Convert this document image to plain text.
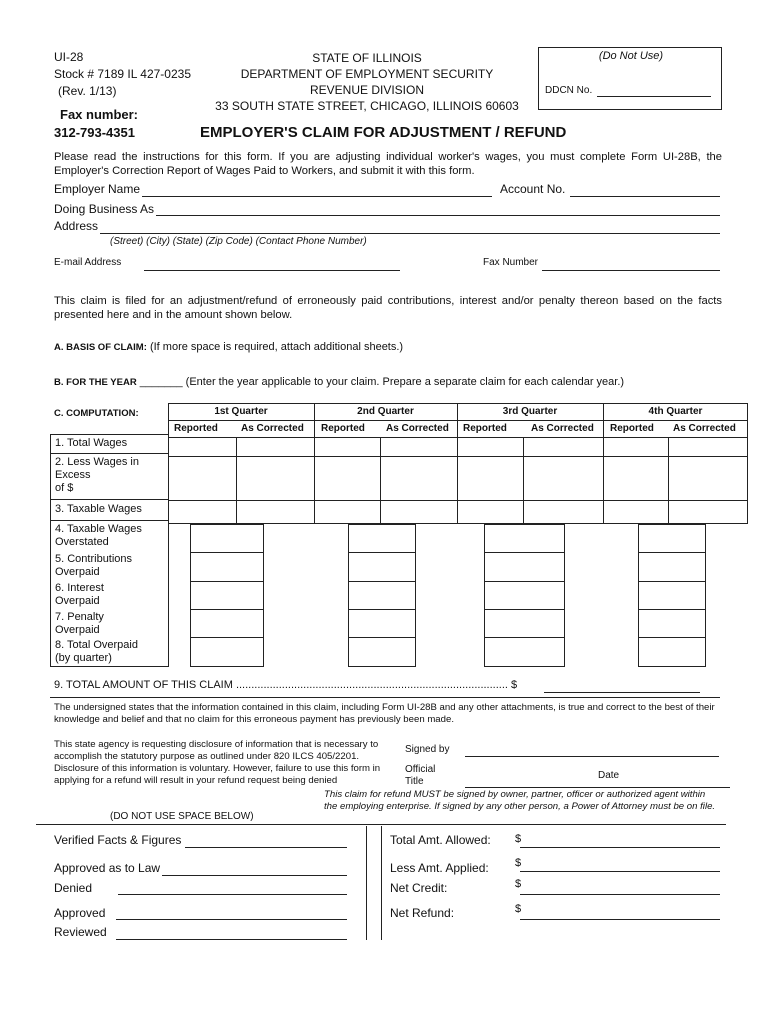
UI-28
Stock # 7189 IL 427-0235
(Rev. 1/13)
Fax number:
312-793-4351
STATE OF ILLINOIS
DEPARTMENT OF EMPLOYMENT SECURITY
REVENUE DIVISION
33 SOUTH STATE STREET, CHICAGO, ILLINOIS 60603
(Do Not Use)
DDCN No.
EMPLOYER'S CLAIM FOR ADJUSTMENT / REFUND
Please read the instructions for this form. If you are adjusting individual worker's wages, you must complete Form UI-28B, the Employer's Correction Report of Wages Paid to Workers, and submit it with this form.
Employer Name	Account No.
Doing Business As
Address
(Street) (City) (State) (Zip Code) (Contact Phone Number)
E-mail Address	Fax Number
This claim is filed for an adjustment/refund of erroneously paid contributions, interest and/or penalty thereon based on the facts presented here and in the amount shown below.
A. BASIS OF CLAIM: (If more space is required, attach additional sheets.)
B. FOR THE YEAR _______ (Enter the year applicable to your claim. Prepare a separate claim for each calendar year.)
C. COMPUTATION:	1st Quarter	2nd Quarter	3rd Quarter	4th Quarter
Reported As Corrected Reported As Corrected Reported As Corrected Reported As Corrected
1. Total Wages
2. Less Wages in
Excess
of $
3. Taxable Wages
4. Taxable Wages
Overstated
5. Contributions
Overpaid
6. Interest
Overpaid
7. Penalty
Overpaid
8. Total Overpaid
(by quarter)
9. TOTAL AMOUNT OF THIS CLAIM ......................................................................................... $
The undersigned states that the information contained in this claim, including Form UI-28B and any other attachments, is true and correct to the best of their knowledge and belief and that no claim for this erroneous payment has previously been made.
This state agency is requesting disclosure of information that is necessary to accomplish the statutory purpose as outlined under 820 ILCS 405/2201. Disclosure of this information is voluntary. However, failure to use this form in applying for a refund will result in your refund request being denied
Signed by
Official
Title
Date
This claim for refund MUST be signed by owner, partner, officer or authorized agent within the employing enterprise. If signed by any other person, a Power of Attorney must be on file.
(DO NOT USE SPACE BELOW)
Verified Facts & Figures
Approved as to Law
Denied
Approved
Reviewed
Total Amt. Allowed: $
Less Amt. Applied: $
Net Credit:	$
Net Refund:	$
